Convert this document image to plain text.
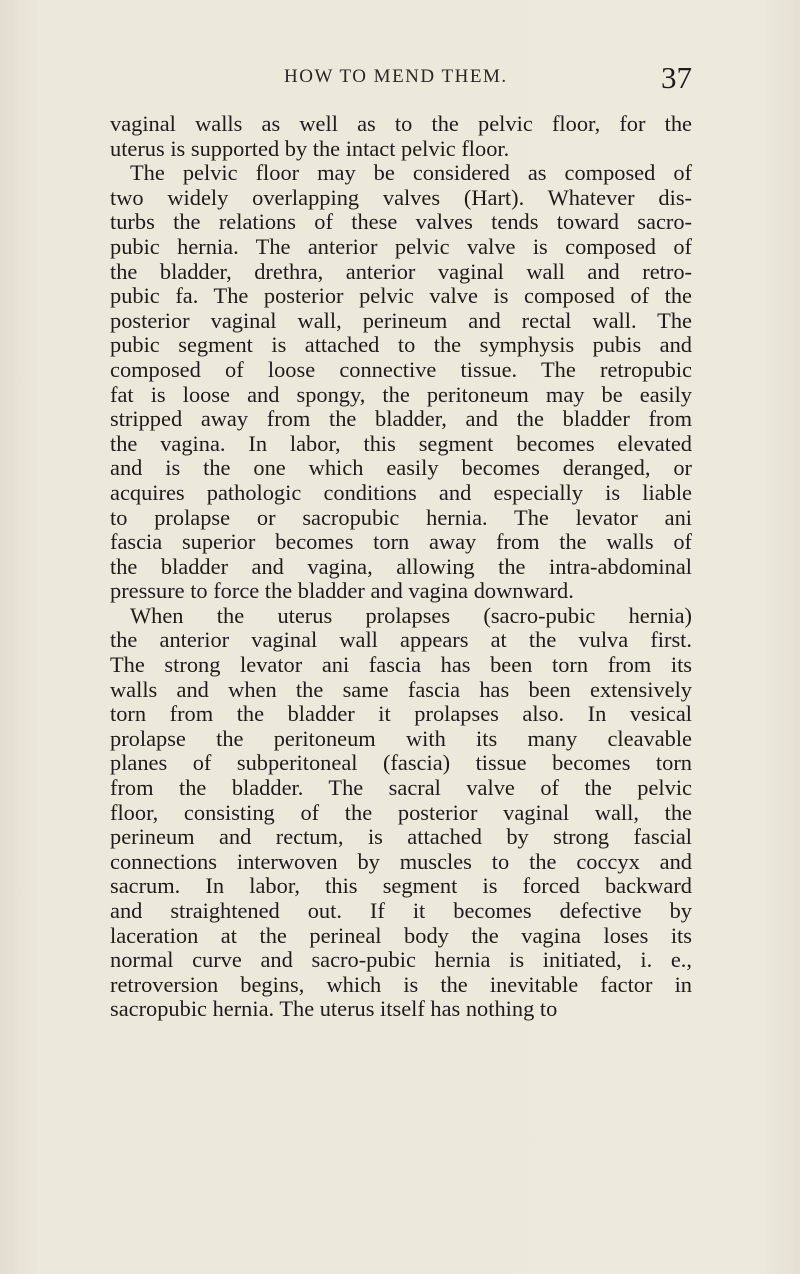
HOW TO MEND THEM.	37
vaginal walls as well as to the pelvic floor, for the
uterus is supported by the intact pelvic floor.
The pelvic floor may be considered as composed of
two widely overlapping valves (Hart). Whatever dis-
turbs the relations of these valves tends toward sacro-
pubic hernia. The anterior pelvic valve is composed of
the bladder, drethra, anterior vaginal wall and retro-
pubic fa. The posterior pelvic valve is composed of the
posterior vaginal wall, perineum and rectal wall. The
pubic segment is attached to the symphysis pubis and
composed of loose connective tissue. The retropubic
fat is loose and spongy, the peritoneum may be easily
stripped away from the bladder, and the bladder from
the vagina. In labor, this segment becomes elevated
and is the one which easily becomes deranged, or
acquires pathologic conditions and especially is liable
to prolapse or sacropubic hernia. The levator ani
fascia superior becomes torn away from the walls of
the bladder and vagina, allowing the intra-abdominal
pressure to force the bladder and vagina downward.
When the uterus prolapses (sacro-pubic hernia)
the anterior vaginal wall appears at the vulva first.
The strong levator ani fascia has been torn from its
walls and when the same fascia has been extensively
torn from the bladder it prolapses also. In vesical
prolapse the peritoneum with its many cleavable
planes of subperitoneal (fascia) tissue becomes torn
from the bladder. The sacral valve of the pelvic
floor, consisting of the posterior vaginal wall, the
perineum and rectum, is attached by strong fascial
connections interwoven by muscles to the coccyx and
sacrum. In labor, this segment is forced backward
and straightened out. If it becomes defective by
laceration at the perineal body the vagina loses its
normal curve and sacro-pubic hernia is initiated, i. e.,
retroversion begins, which is the inevitable factor in
sacropubic hernia. The uterus itself has nothing to
